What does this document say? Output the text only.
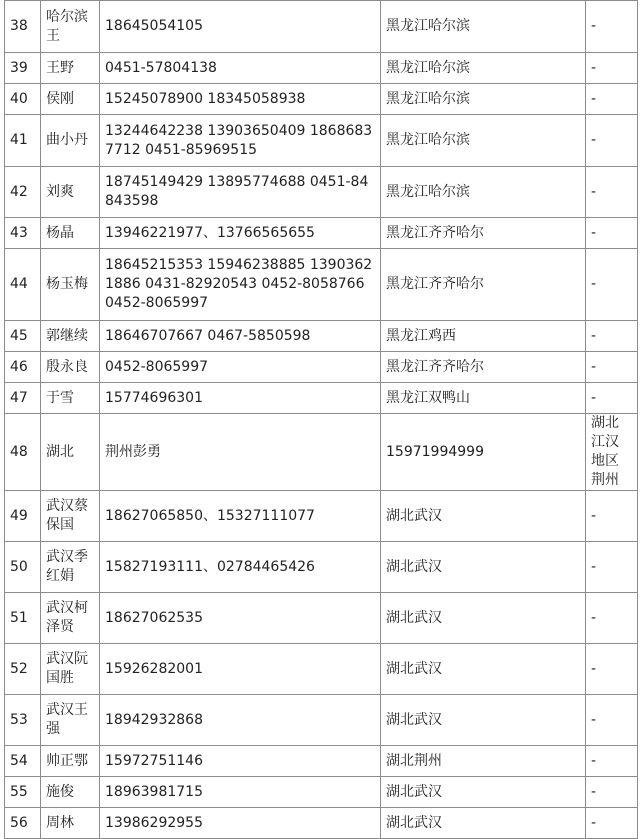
38	哈尔滨王	18645054105	黑龙江哈尔滨	-
39	王野	0451-57804138	黑龙江哈尔滨	-
40	侯刚	15245078900 18345058938	黑龙江哈尔滨	-
41	曲小丹	13244642238 13903650409 18686837712 0451-85969515	黑龙江哈尔滨	-
42	刘爽	18745149429 13895774688 0451-84843598	黑龙江哈尔滨	-
43	杨晶	13946221977、13766565655	黑龙江齐齐哈尔	-
44	杨玉梅	18645215353 15946238885 13903621886 0431-82920543 0452-8058766 0452-8065997	黑龙江齐齐哈尔	-
45	郭继续	18646707667 0467-5850598	黑龙江鸡西	-
46	殷永良	0452-8065997	黑龙江齐齐哈尔	-
47	于雪	15774696301	黑龙江双鸭山	-
48	湖北	荆州彭勇	15971994999	湖北江汉地区荆州
49	武汉蔡保国	18627065850、15327111077	湖北武汉	-
50	武汉季红娟	15827193111、02784465426	湖北武汉	-
51	武汉柯泽贤	18627062535	湖北武汉	-
52	武汉阮国胜	15926282001	湖北武汉	-
53	武汉王强	18942932868	湖北武汉	-
54	帅正鄂	15972751146	湖北荆州	-
55	施俊	18963981715	湖北武汉	-
56	周林	13986292955	湖北武汉	-
